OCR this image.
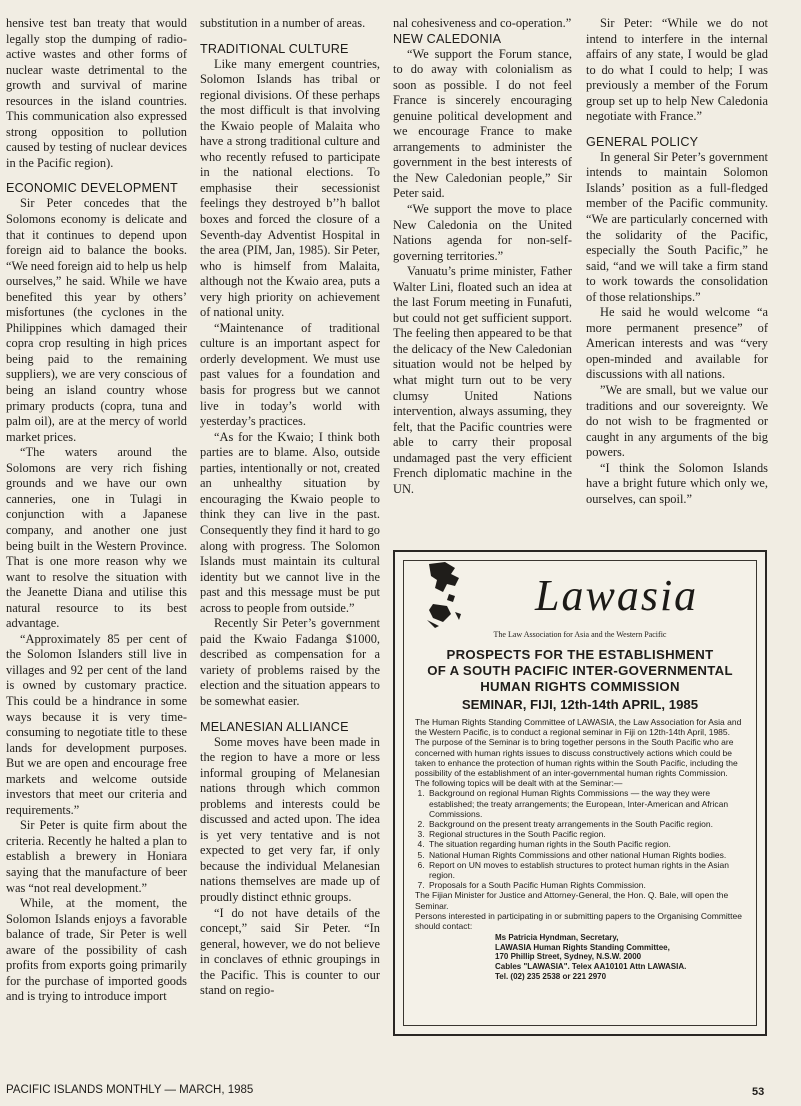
hensive test ban treaty that would legally stop the dumping of radio-active wastes and other forms of nuclear waste detrimental to the growth and survival of marine resources in the island countries. This communication also expressed strong opposition to pollution caused by testing of nuclear devices in the Pacific region).

ECONOMIC DEVELOPMENT

Sir Peter concedes that the Solomons economy is delicate and that it continues to depend upon foreign aid to balance the books. “We need foreign aid to help us help ourselves,” he said. While we have benefited this year by others’ misfortunes (the cyclones in the Philippines which damaged their copra crop resulting in high prices being paid to the remaining suppliers), we are very conscious of being an island country whose primary products (copra, tuna and palm oil), are at the mercy of world market prices.

“The waters around the Solomons are very rich fishing grounds and we have our own canneries, one in Tulagi in conjunction with a Japanese company, and another one just being built in the Western Province. That is one more reason why we want to resolve the situation with the Jeanette Diana and utilise this natural resource to its best advantage.

“Approximately 85 per cent of the Solomon Islanders still live in villages and 92 per cent of the land is owned by customary practice. This could be a hindrance in some ways because it is very time-consuming to negotiate title to these lands for development purposes. But we are open and encourage free markets and welcome outside investors that meet our criteria and requirements.”

Sir Peter is quite firm about the criteria. Recently he halted a plan to establish a brewery in Honiara saying that the manufacture of beer was “not real development.”

While, at the moment, the Solomon Islands enjoys a favorable balance of trade, Sir Peter is well aware of the possibility of cash profits from exports going primarily for the purchase of imported goods and is trying to introduce import

substitution in a number of areas.

TRADITIONAL CULTURE

Like many emergent countries, Solomon Islands has tribal or regional divisions. Of these perhaps the most difficult is that involving the Kwaio people of Malaita who have a strong traditional culture and who recently refused to participate in the national elections. To emphasise their secessionist feelings they destroyed b’’h ballot boxes and forced the closure of a Seventh-day Adventist Hospital in the area (PIM, Jan, 1985). Sir Peter, who is himself from Malaita, although not the Kwaio area, puts a very high priority on achievement of national unity.

“Maintenance of traditional culture is an important aspect for orderly development. We must use past values for a foundation and basis for progress but we cannot live in today’s world with yesterday’s practices.

“As for the Kwaio; I think both parties are to blame. Also, outside parties, intentionally or not, created an unhealthy situation by encouraging the Kwaio people to think they can live in the past. Consequently they find it hard to go along with progress. The Solomon Islands must maintain its cultural identity but we cannot live in the past and this message must be put across to people from outside.”

Recently Sir Peter’s government paid the Kwaio Fadanga $1000, described as compensation for a variety of problems raised by the election and the situation appears to be somewhat easier.

MELANESIAN ALLIANCE

Some moves have been made in the region to have a more or less informal grouping of Melanesian nations through which common problems and interests could be discussed and acted upon. The idea is yet very tentative and is not expected to get very far, if only because the individual Melanesian nations themselves are made up of proudly distinct ethnic groups.

“I do not have details of the concept,” said Sir Peter. “In general, however, we do not believe in conclaves of ethnic groupings in the Pacific. This is counter to our stand on regio-

nal cohesiveness and co-operation.”

NEW CALEDONIA

“We support the Forum stance, to do away with colonialism as soon as possible. I do not feel France is sincerely encouraging genuine political development and we encourage France to make arrangements to administer the government in the best interests of the New Caledonian people,” Sir Peter said.

“We support the move to place New Caledonia on the United Nations agenda for non-self-governing territories.”

Vanuatu’s prime minister, Father Walter Lini, floated such an idea at the last Forum meeting in Funafuti, but could not get sufficient support. The feeling then appeared to be that the delicacy of the New Caledonian situation would not be helped by what might turn out to be very clumsy United Nations intervention, always assuming, they felt, that the Pacific countries were able to carry their proposal undamaged past the very efficient French diplomatic machine in the UN.

Sir Peter: “While we do not intend to interfere in the internal affairs of any state, I would be glad to do what I could to help; I was previously a member of the Forum group set up to help New Caledonia negotiate with France.”

GENERAL POLICY

In general Sir Peter’s government intends to maintain Solomon Islands’ position as a full-fledged member of the Pacific community. “We are particularly concerned with the solidarity of the Pacific, especially the South Pacific,” he said, “and we will take a firm stand to work towards the consolidation of those relationships.”

He said he would welcome “a more permanent presence” of American interests and was “very open-minded and available for discussions with all nations.

”We are small, but we value our traditions and our sovereignty. We do not wish to be fragmented or caught in any arguments of the big powers.

“I think the Solomon Islands have a bright future which only we, ourselves, can spoil.”

Lawasia
The Law Association for Asia and the Western Pacific
PROSPECTS FOR THE ESTABLISHMENT
OF A SOUTH PACIFIC INTER-GOVERNMENTAL
HUMAN RIGHTS COMMISSION
SEMINAR, FIJI, 12th-14th APRIL, 1985

The Human Rights Standing Committee of LAWASIA, the Law Association for Asia and the Western Pacific, is to conduct a regional seminar in Fiji on 12th-14th April, 1985.

The purpose of the Seminar is to bring together persons in the South Pacific who are concerned with human rights issues to discuss constructively actions which could be taken to enhance the protection of human rights within the South Pacific, including the possibility of the establishment of an inter-governmental human rights Commission.

The following topics will be dealt with at the Seminar:—

1. Background on regional Human Rights Commissions — the way they were established; the treaty arrangements; the European, Inter-American and African Commissions.
2. Background on the present treaty arrangements in the South Pacific region.
3. Regional structures in the South Pacific region.
4. The situation regarding human rights in the South Pacific region.
5. National Human Rights Commissions and other national Human Rights bodies.
6. Report on UN moves to establish structures to protect human rights in the Asian region.
7. Proposals for a South Pacific Human Rights Commission.

The Fijian Minister for Justice and Attorney-General, the Hon. Q. Bale, will open the Seminar.

Persons interested in participating in or submitting papers to the Organising Committee should contact:

Ms Patricia Hyndman, Secretary,
LAWASIA Human Rights Standing Committee,
170 Phillip Street, Sydney, N.S.W. 2000
Cables "LAWASIA". Telex AA10101 Attn LAWASIA.
Tel. (02) 235 2538 or 221 2970
PACIFIC ISLANDS MONTHLY — MARCH, 1985	53
